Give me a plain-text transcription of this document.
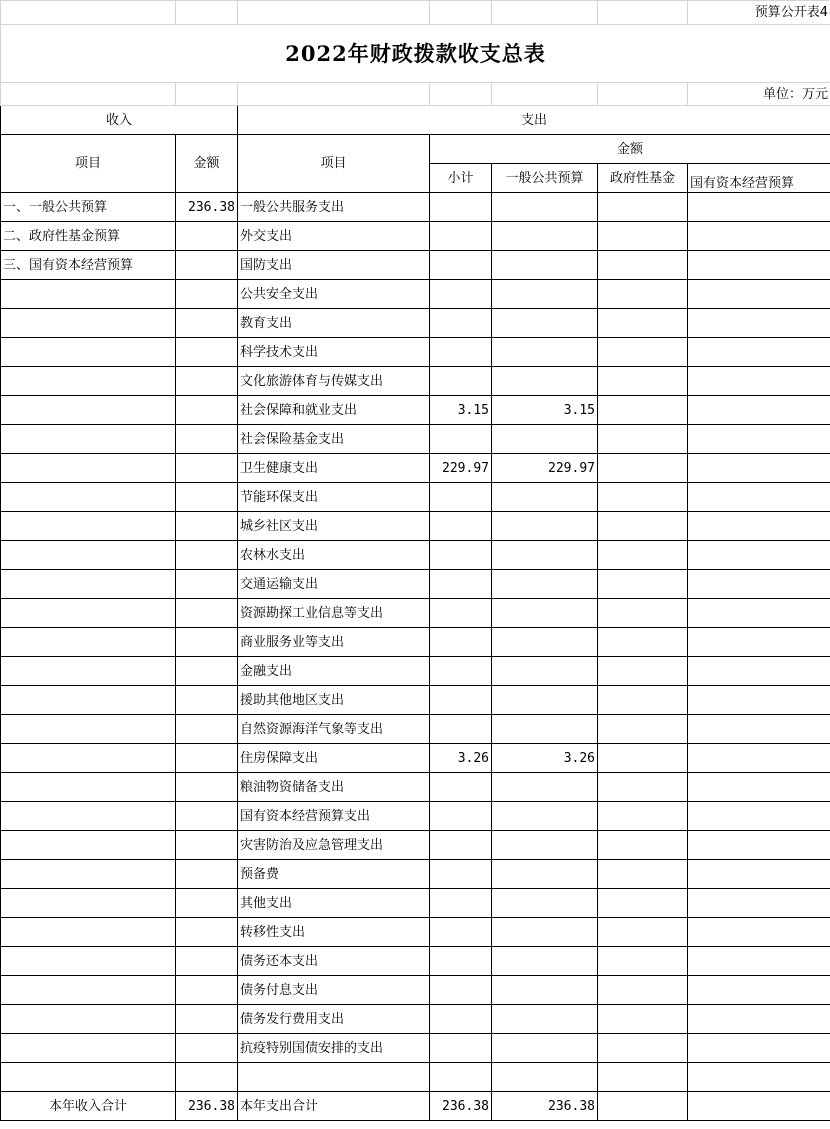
						预算公开表4
2022年财政拨款收支总表						
						单位：万元
收入		支出				
项目	金额	项目	金额			
			小计	一般公共预算	政府性基金	国有资本经营预算
一、一般公共预算	236.38	一般公共服务支出				
二、政府性基金预算		外交支出				
三、国有资本经营预算		国防支出				
		公共安全支出				
		教育支出				
		科学技术支出				
		文化旅游体育与传媒支出				
		社会保障和就业支出	3.15	3.15		
		社会保险基金支出				
		卫生健康支出	229.97	229.97		
		节能环保支出				
		城乡社区支出				
		农林水支出				
		交通运输支出				
		资源勘探工业信息等支出				
		商业服务业等支出				
		金融支出				
		援助其他地区支出				
		自然资源海洋气象等支出				
		住房保障支出	3.26	3.26		
		粮油物资储备支出				
		国有资本经营预算支出				
		灾害防治及应急管理支出				
		预备费				
		其他支出				
		转移性支出				
		债务还本支出				
		债务付息支出				
		债务发行费用支出				
		抗疫特别国债安排的支出				

本年收入合计	236.38	本年支出合计	236.38	236.38		
